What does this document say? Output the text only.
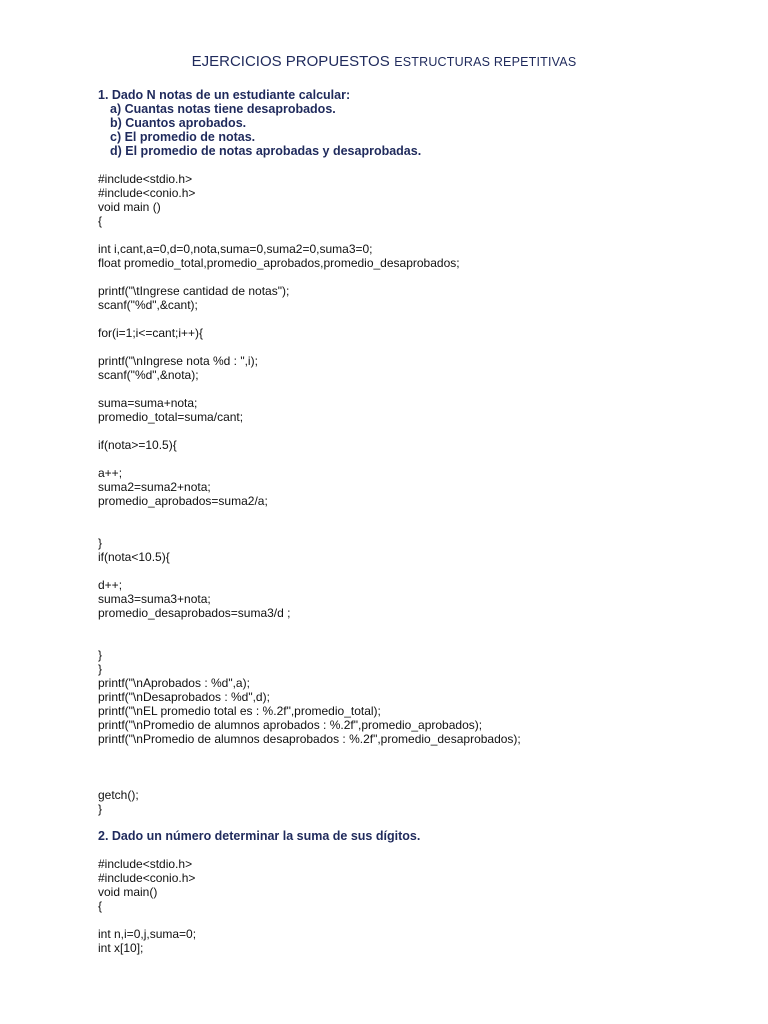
EJERCICIOS PROPUESTOS ESTRUCTURAS REPETITIVAS
1. Dado N notas de un estudiante calcular:
a) Cuantas notas tiene desaprobados.
b) Cuantos aprobados.
c) El promedio de notas.
d) El promedio de notas aprobadas y desaprobadas.
#include<stdio.h>
#include<conio.h>
void main ()
{
int i,cant,a=0,d=0,nota,suma=0,suma2=0,suma3=0;
float promedio_total,promedio_aprobados,promedio_desaprobados;
printf("\tIngrese cantidad de notas");
scanf("%d",&cant);
for(i=1;i<=cant;i++){
printf("\nIngrese nota %d : ",i);
scanf("%d",&nota);
suma=suma+nota;
promedio_total=suma/cant;
if(nota>=10.5){
a++;
suma2=suma2+nota;
promedio_aprobados=suma2/a;
}
if(nota<10.5){
d++;
suma3=suma3+nota;
promedio_desaprobados=suma3/d ;
}
}
printf("\nAprobados : %d",a);
printf("\nDesaprobados : %d",d);
printf("\nEL promedio total es : %.2f",promedio_total);
printf("\nPromedio de alumnos aprobados : %.2f",promedio_aprobados);
printf("\nPromedio de alumnos desaprobados : %.2f",promedio_desaprobados);
getch();
}
2. Dado un número determinar la suma de sus dígitos.
#include<stdio.h>
#include<conio.h>
void main()
{
int n,i=0,j,suma=0;
int x[10];
